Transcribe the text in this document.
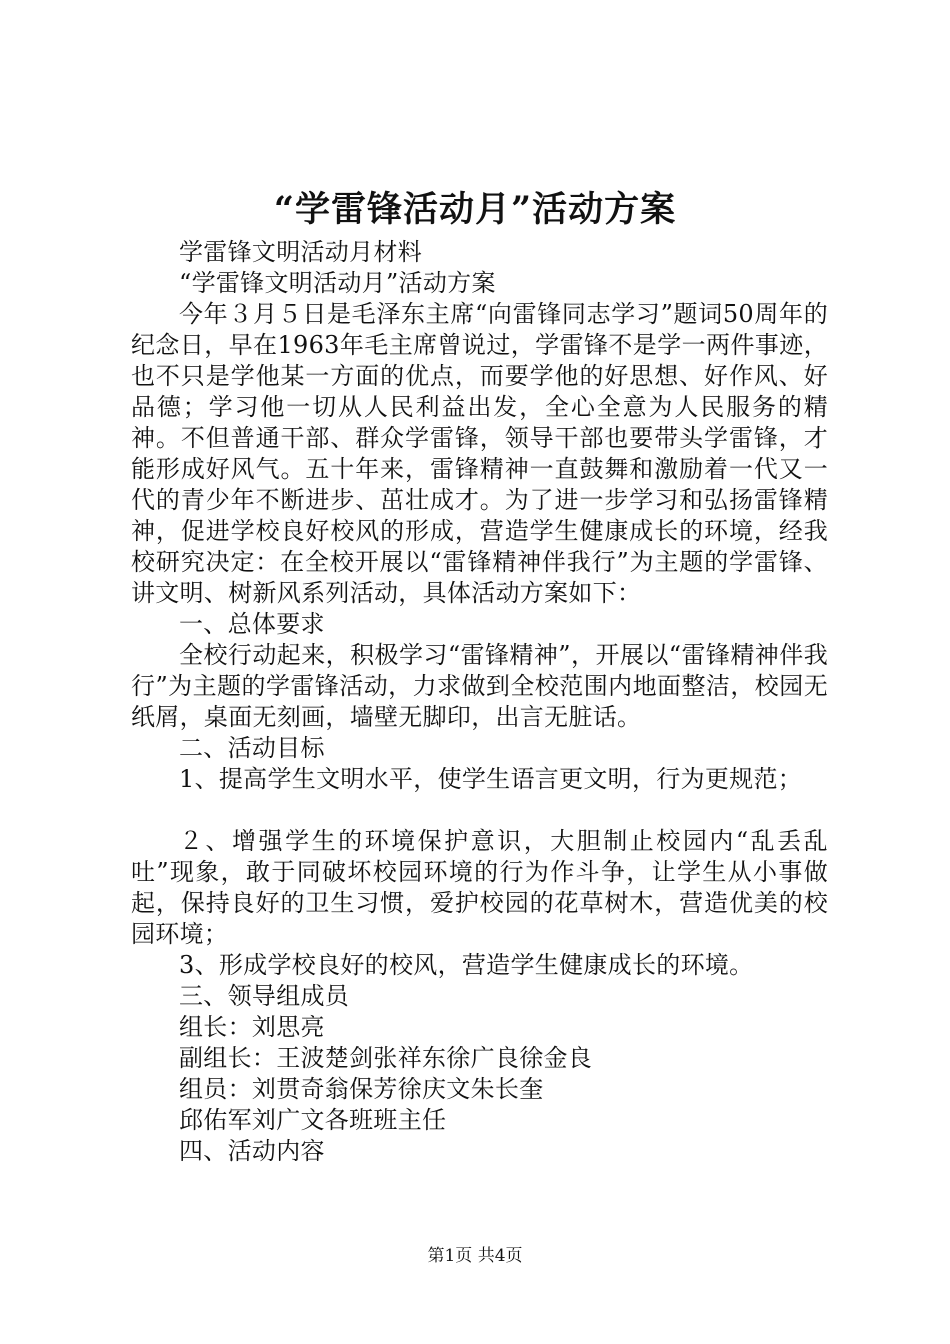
“学雷锋活动月”活动方案

学雷锋文明活动月材料

“学雷锋文明活动月”活动方案

今年３月５日是毛泽东主席“向雷锋同志学习”题词50周年的纪念日，早在1963年毛主席曾说过，学雷锋不是学一两件事迹，也不只是学他某一方面的优点，而要学他的好思想、好作风、好品德；学习他一切从人民利益出发，全心全意为人民服务的精神。不但普通干部、群众学雷锋，领导干部也要带头学雷锋，才能形成好风气。五十年来，雷锋精神一直鼓舞和激励着一代又一代的青少年不断进步、茁壮成才。为了进一步学习和弘扬雷锋精神，促进学校良好校风的形成，营造学生健康成长的环境，经我校研究决定：在全校开展以“雷锋精神伴我行”为主题的学雷锋、讲文明、树新风系列活动，具体活动方案如下：

一、总体要求

全校行动起来，积极学习“雷锋精神”，开展以“雷锋精神伴我行”为主题的学雷锋活动，力求做到全校范围内地面整洁，校园无纸屑，桌面无刻画，墙壁无脚印，出言无脏话。

二、活动目标

1、提高学生文明水平，使学生语言更文明，行为更规范；

２、增强学生的环境保护意识，大胆制止校园内“乱丢乱吐”现象，敢于同破坏校园环境的行为作斗争，让学生从小事做起，保持良好的卫生习惯，爱护校园的花草树木，营造优美的校园环境；

3、形成学校良好的校风，营造学生健康成长的环境。

三、领导组成员

组长：刘思亮

副组长：王波楚剑张祥东徐广良徐金良

组员：刘贯奇翁保芳徐庆文朱长奎

邱佑军刘广文各班班主任

四、活动内容

第1页 共4页
